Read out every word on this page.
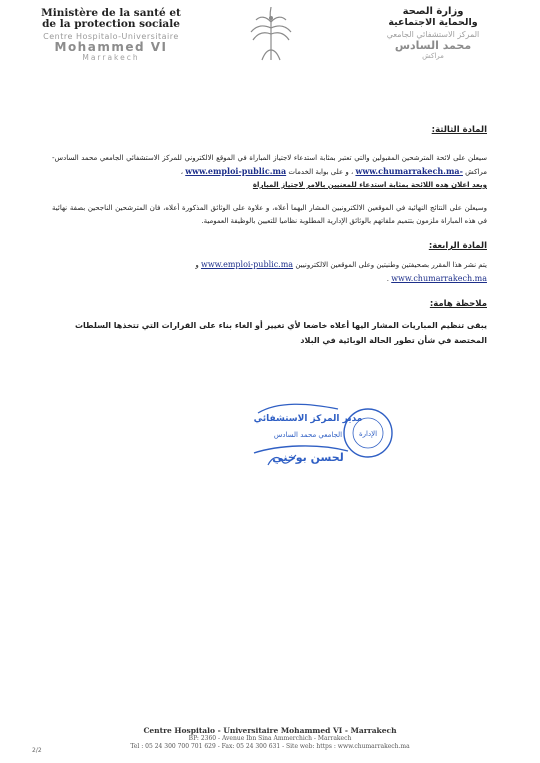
Ministère de la santé et
de la protection sociale
Centre Hospitalo-Universitaire
Mohammed VI
Marrakech
وزارة الصحة
والحماية الاجتماعية
المركز الاستشفائي الجامعي
محمد السادس
مراكش

المادة الثالثة:

سيعلن على لائحة المترشحين المقبولين والتي تعتبر بمثابة استدعاء لاجتياز المباراة في الموقع الالكتروني للمركز الاستشفائي الجامعي محمد السادس-مراكش www.chumarrakech.ma- ، و على بوابة الخدمات www.emploi-public.ma ،
ويعد اعلان هده اللائحة بمثابة استدعاء للمعنيين بالامر لاجتياز المباراة

وسيعلن على النتائج النهائية في الموقعين الالكترونيين المشار اليهما أعلاه، و علاوة على الوثائق المذكورة أعلاه، فان المترشحين الناجحين بصفة نهائية في هذه المباراة ملزمون بتتميم ملفاتهم بالوثائق الإدارية المطلوبة نظاميا للتعيين بالوظيفة العمومية.

المادة الرابعة:

يتم نشر هذا المقرر بصحيفتين وطنيتين وعلى الموقعين الالكترونيين www.emploi-public.ma و
www.chumarrakech.ma .

ملاحظة هامة:

يبقى تنظيم المباريات المشار اليها أعلاه خاضعا لأي تغيير أو الغاء بناء على القرارات التي تتخذها السلطات المختصة في شأن تطور الحالة الوبائية في البلاد

الإدارة
مدير المركز الاستشفائي
الجامعي محمد السادس
لحسن بوخني
Centre Hospitalo - Universitaire Mohammed VI - Marrakech
BP: 2360 - Avenue Ibn Sina Ammerchich - Marrakech
Tel : 05 24 300 700 701 629 - Fax: 05 24 300 631 - Site web: https : www.chumarrakech.ma
2/2
